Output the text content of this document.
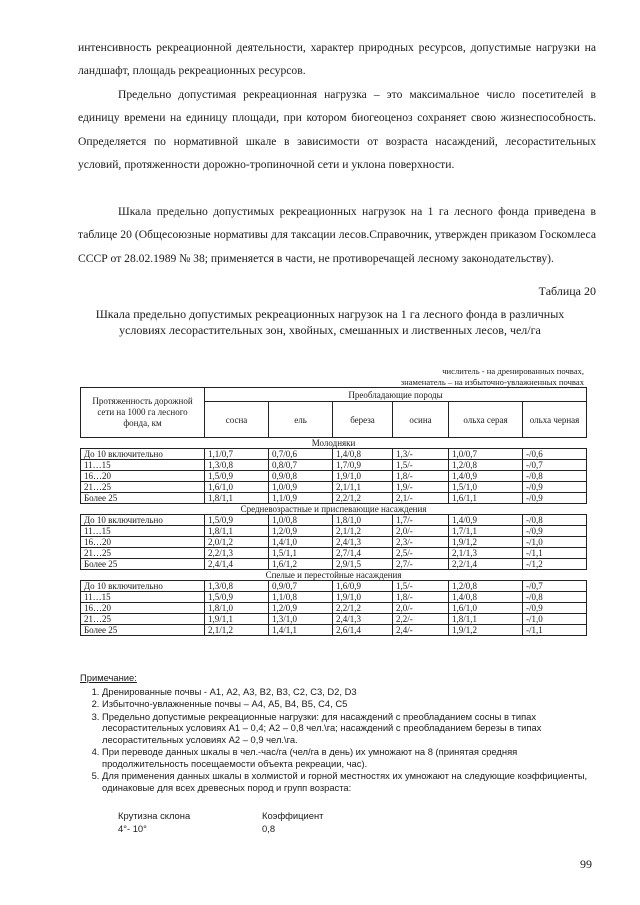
интенсивность рекреационной деятельности, характер природных ресурсов, допустимые нагрузки на ландшафт, площадь рекреационных ресурсов.

Предельно допустимая рекреационная нагрузка – это максимальное число посетителей в единицу времени на единицу площади, при котором биогеоценоз сохраняет свою жизнеспособность. Определяется по нормативной шкале в зависимости от возраста насаждений, лесорастительных условий, протяженности дорожно-тропиночной сети и уклона поверхности.

Шкала предельно допустимых рекреационных нагрузок на 1 га лесного фонда приведена в таблице 20 (Общесоюзные нормативы для таксации лесов.Справочник, утвержден приказом Госкомлеса СССР от 28.02.1989 № 38; применяется в части, не противоречащей лесному законодательству).

Таблица 20
Шкала предельно допустимых рекреационных нагрузок на 1 га лесного фонда в различных условиях лесорастительных зон, хвойных, смешанных и лиственных лесов, чел/га
числитель - на дренированных почвах,
знаменатель – на избыточно-увлажненных почвах
Протяженность дорожной сети на 1000 га лесного фонда, км	Преобладающие породы					
	сосна	ель	береза	осина	ольха серая	ольха черная
Молодняки						
До 10 включительно	1,1/0,7	0,7/0,6	1,4/0,8	1,3/-	1,0/0,7	-/0,6
11…15	1,3/0,8	0,8/0,7	1,7/0,9	1,5/-	1,2/0,8	-/0,7
16…20	1,5/0,9	0,9/0,8	1,9/1,0	1,8/-	1,4/0,9	-/0,8
21…25	1,6/1,0	1,0/0,9	2,1/1,1	1,9/-	1,5/1,0	-/0,9
Более 25	1,8/1,1	1,1/0,9	2,2/1,2	2,1/-	1,6/1,1	-/0,9
Средневозрастные и приспевающие насаждения						
До 10 включительно	1,5/0,9	1,0/0,8	1,8/1,0	1,7/-	1,4/0,9	-/0,8
11…15	1,8/1,1	1,2/0,9	2,1/1,2	2,0/-	1,7/1,1	-/0,9
16…20	2,0/1,2	1,4/1,0	2,4/1,3	2,3/-	1,9/1,2	-/1,0
21…25	2,2/1,3	1,5/1,1	2,7/1,4	2,5/-	2,1/1,3	-/1,1
Более 25	2,4/1,4	1,6/1,2	2,9/1,5	2,7/-	2,2/1,4	-/1,2
Спелые и перестойные насаждения						
До 10 включительно	1,3/0,8	0,9/0,7	1,6/0,9	1,5/-	1,2/0,8	-/0,7
11…15	1,5/0,9	1,1/0,8	1,9/1,0	1,8/-	1,4/0,8	-/0,8
16…20	1,8/1,0	1,2/0,9	2,2/1,2	2,0/-	1,6/1,0	-/0,9
21…25	1,9/1,1	1,3/1,0	2,4/1,3	2,2/-	1,8/1,1	-/1,0
Более 25	2,1/1,2	1,4/1,1	2,6/1,4	2,4/-	1,9/1,2	-/1,1
Примечание:
1. Дренированные почвы - А1, А2, А3, В2, В3, С2, С3, D2, D3
2. Избыточно-увлажненные почвы – А4, А5, В4, В5, С4, С5
3. Предельно допустимые рекреационные нагрузки: для насаждений с преобладанием сосны в типах лесорастительных условиях А1 – 0,4; А2 – 0,8 чел.\га; насаждений с преобладанием березы в типах лесорастительных условиях А2 – 0,9 чел.\га.
4. При переводе данных шкалы в чел.-час/га (чел/га в день) их умножают на 8 (принятая средняя продолжительность посещаемости объекта рекреации, час).
5. Для применения данных шкалы в холмистой и горной местностях их умножают на следующие коэффициенты, одинаковые для всех древесных пород и групп возраста:
Крутизна склона	Коэффициент
4°- 10°	0,8
99
